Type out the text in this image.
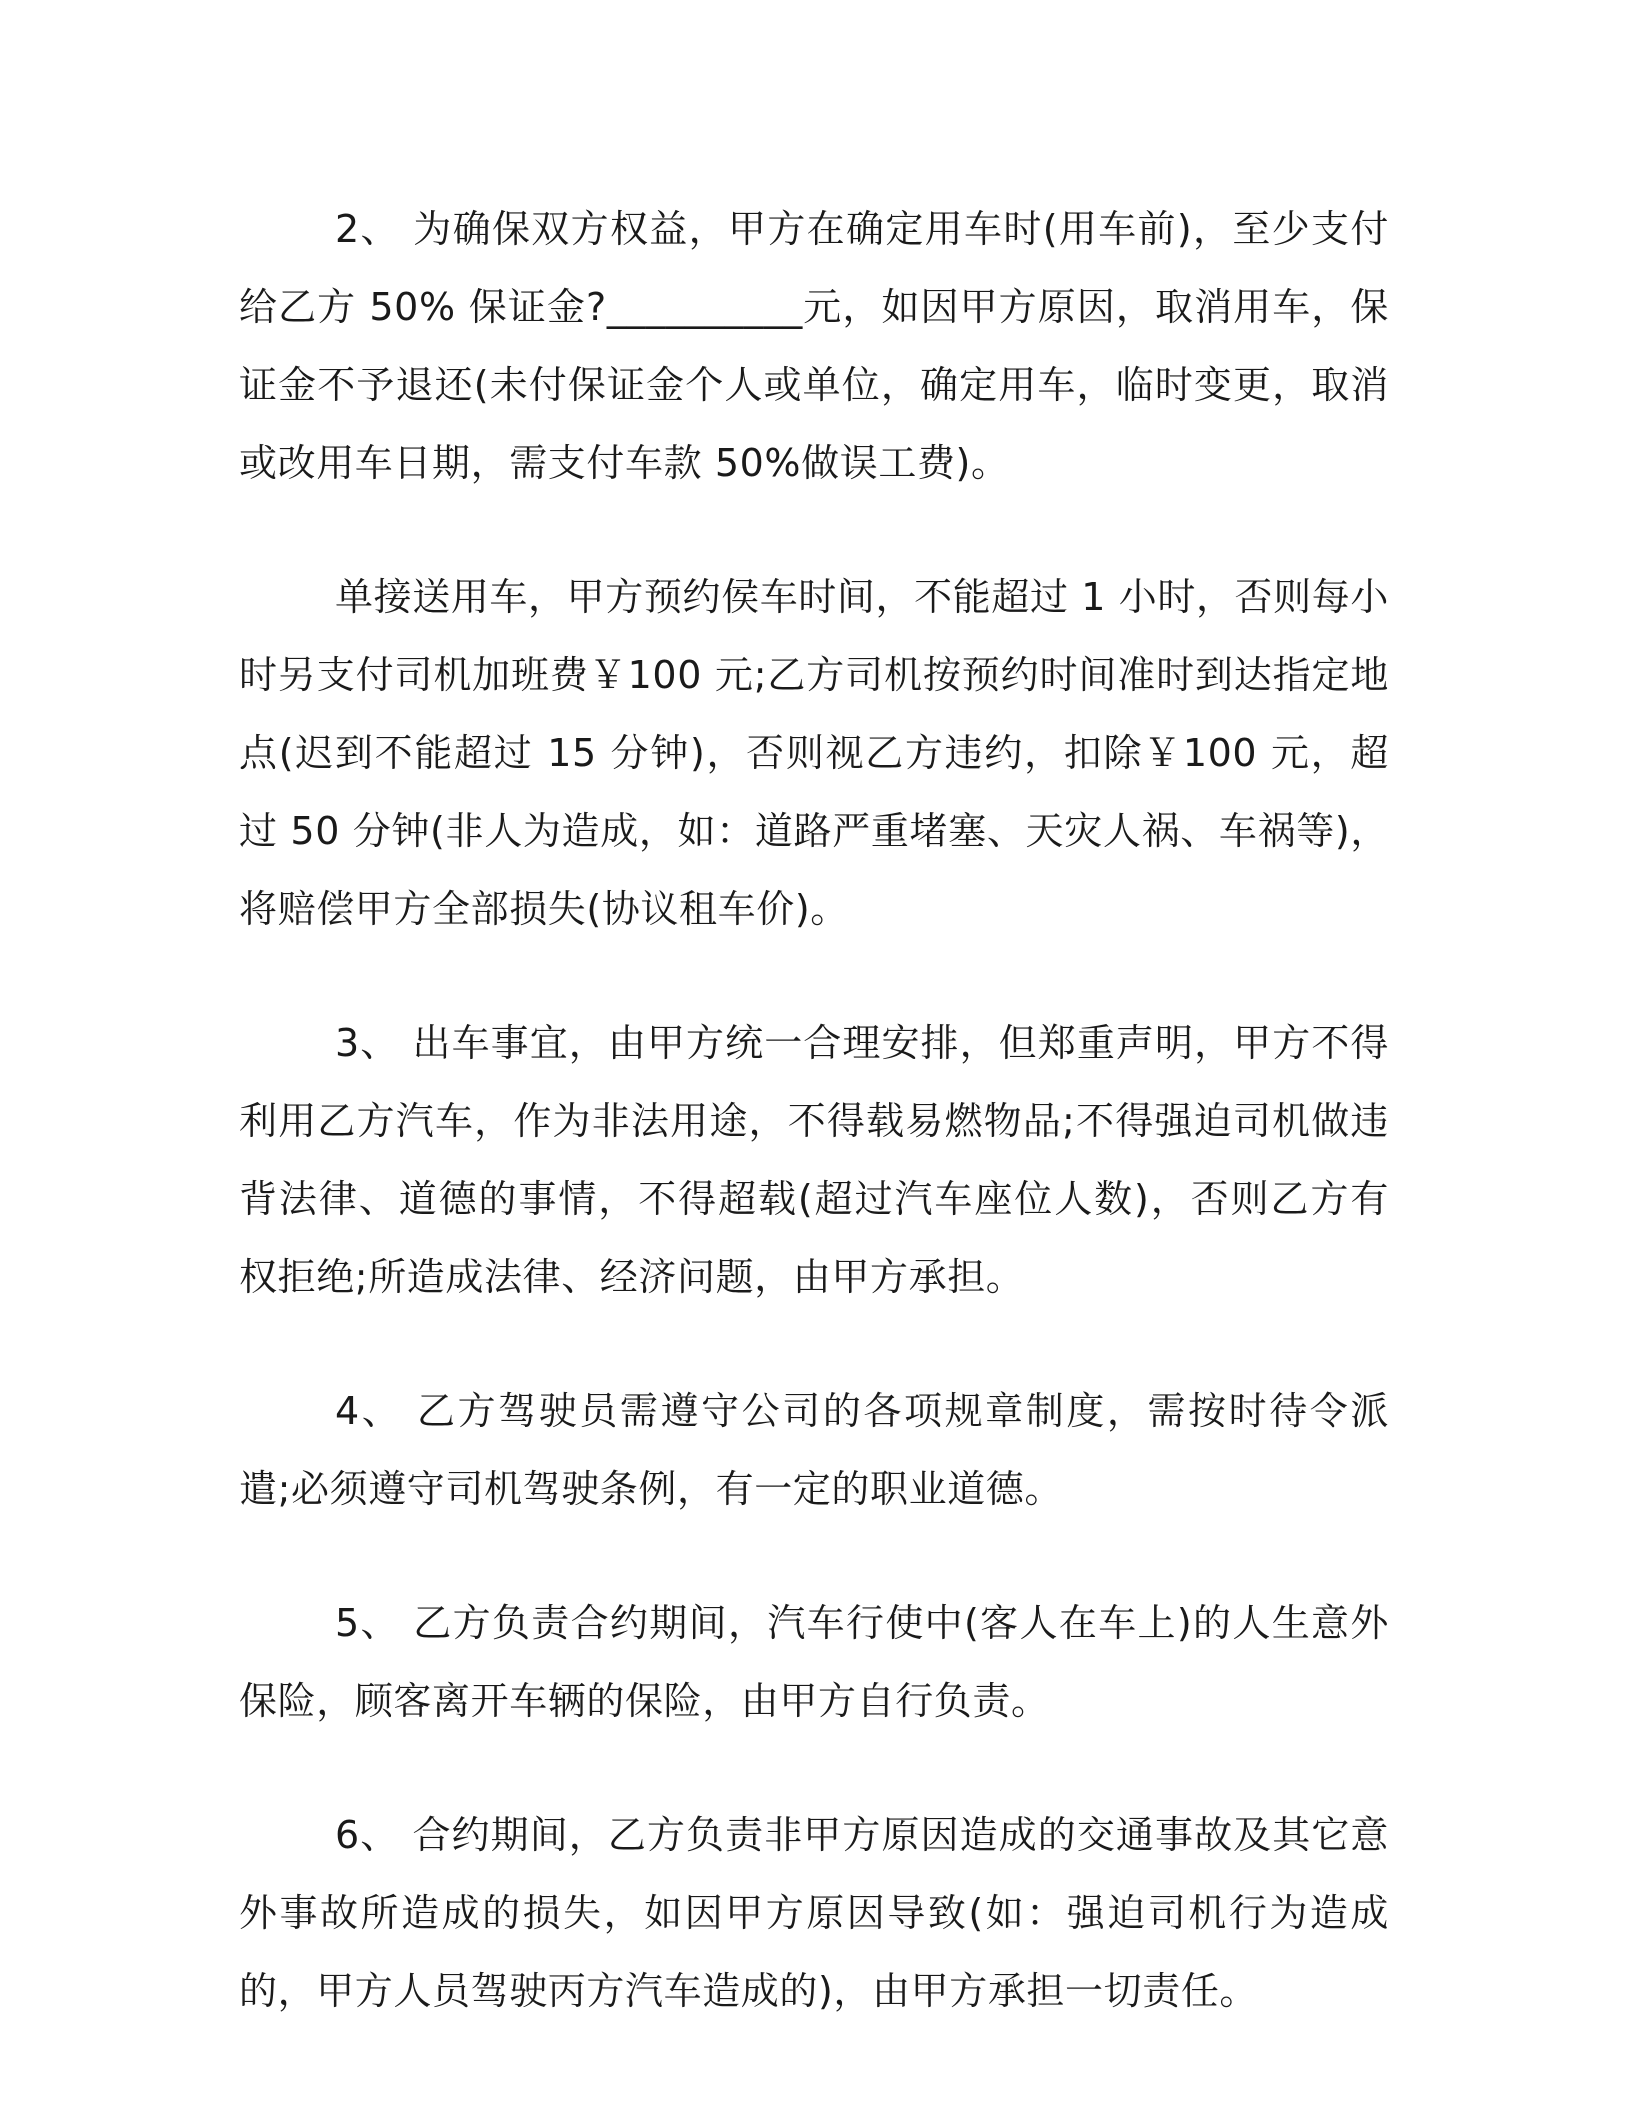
2、 为确保双方权益，甲方在确定用车时(用车前)，至少支付给乙方 50% 保证金?__________元，如因甲方原因，取消用车，保证金不予退还(未付保证金个人或单位，确定用车，临时变更，取消或改用车日期，需支付车款 50%做误工费)。

单接送用车，甲方预约侯车时间，不能超过 1 小时，否则每小时另支付司机加班费￥100 元;乙方司机按预约时间准时到达指定地点(迟到不能超过 15 分钟)，否则视乙方违约，扣除￥100 元，超过 50 分钟(非人为造成，如：道路严重堵塞、天灾人祸、车祸等)，将赔偿甲方全部损失(协议租车价)。

3、 出车事宜，由甲方统一合理安排，但郑重声明，甲方不得利用乙方汽车，作为非法用途，不得载易燃物品;不得强迫司机做违背法律、道德的事情，不得超载(超过汽车座位人数)，否则乙方有权拒绝;所造成法律、经济问题，由甲方承担。

4、 乙方驾驶员需遵守公司的各项规章制度，需按时待令派遣;必须遵守司机驾驶条例，有一定的职业道德。

5、 乙方负责合约期间，汽车行使中(客人在车上)的人生意外保险，顾客离开车辆的保险，由甲方自行负责。

6、 合约期间，乙方负责非甲方原因造成的交通事故及其它意外事故所造成的损失，如因甲方原因导致(如：强迫司机行为造成的，甲方人员驾驶丙方汽车造成的)，由甲方承担一切责任。
